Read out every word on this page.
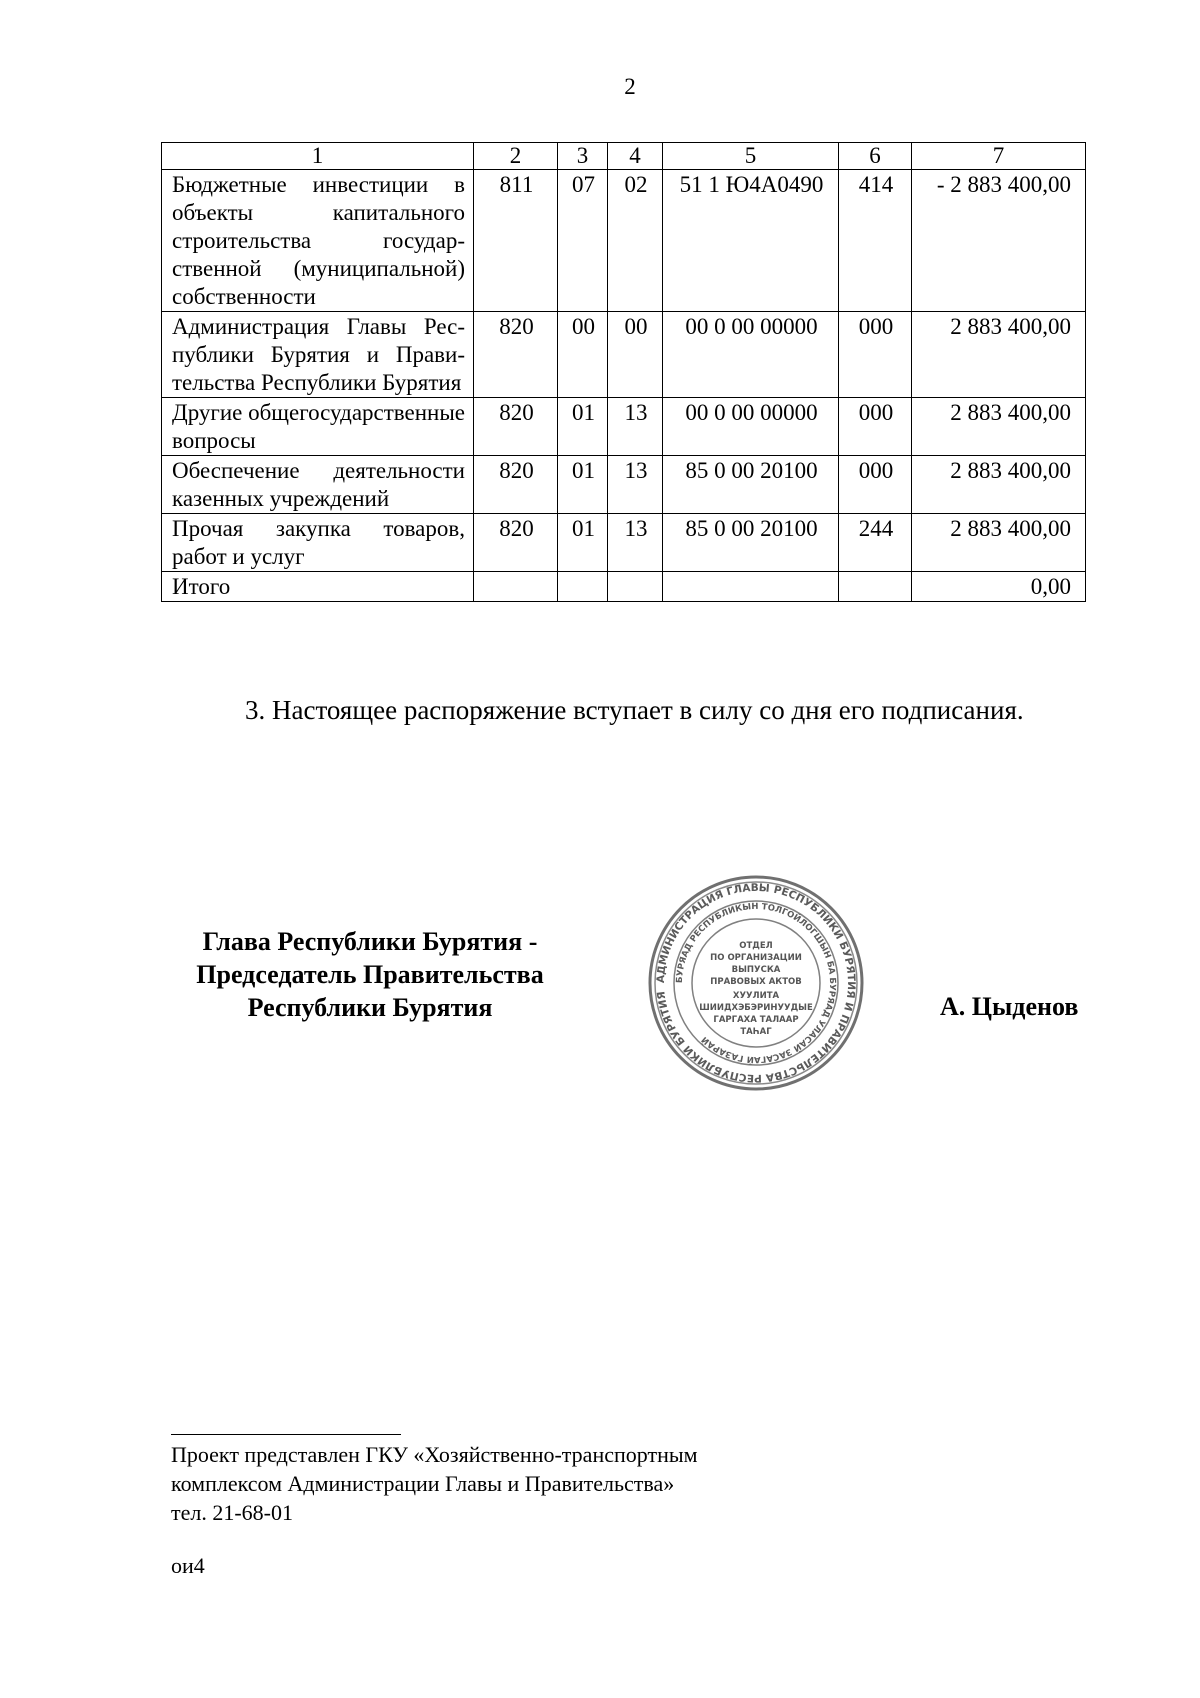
2
1	2	3	4	5	6	7
Бюджетные инвестиции в объекты капитального строительства государственной (муниципальной) собственности	811	07	02	51 1 Ю4А0490	414	- 2 883 400,00
Администрация Главы Республики Бурятия и Правительства Республики Бурятия	820	00	00	00 0 00 00000	000	2 883 400,00
Другие общегосударственные вопросы	820	01	13	00 0 00 00000	000	2 883 400,00
Обеспечение деятельности казенных учреждений	820	01	13	85 0 00 20100	000	2 883 400,00
Прочая закупка товаров, работ и услуг	820	01	13	85 0 00 20100	244	2 883 400,00
Итого						0,00
3. Настоящее распоряжение вступает в силу со дня его подписания.
Глава Республики Бурятия -
Председатель Правительства
Республики Бурятия
АДМИНИСТРАЦИЯ ГЛАВЫ РЕСПУБЛИКИ БУРЯТИЯ И ПРАВИТЕЛЬСТВА РЕСПУБЛИКИ БУРЯТИЯ
БУРЯАД РЕСПУБЛИКЫН ТОЛГОЙЛОГШЫН БА БУРЯАД УЛАСАЙ ЗАСАГАЙ ГАЗАРАЙ
ОТДЕЛ
ПО ОРГАНИЗАЦИИ
ВЫПУСКА
ПРАВОВЫХ АКТОВ
ХУУЛИТА
ШИИДХЭБЭРИНУУДЫЕ
ГАРГАХА ТАЛААР
ТАҺАГ
А. Цыденов
Проект представлен ГКУ «Хозяйственно-транспортным
комплексом Администрации Главы и Правительства»
тел. 21-68-01
ои4
